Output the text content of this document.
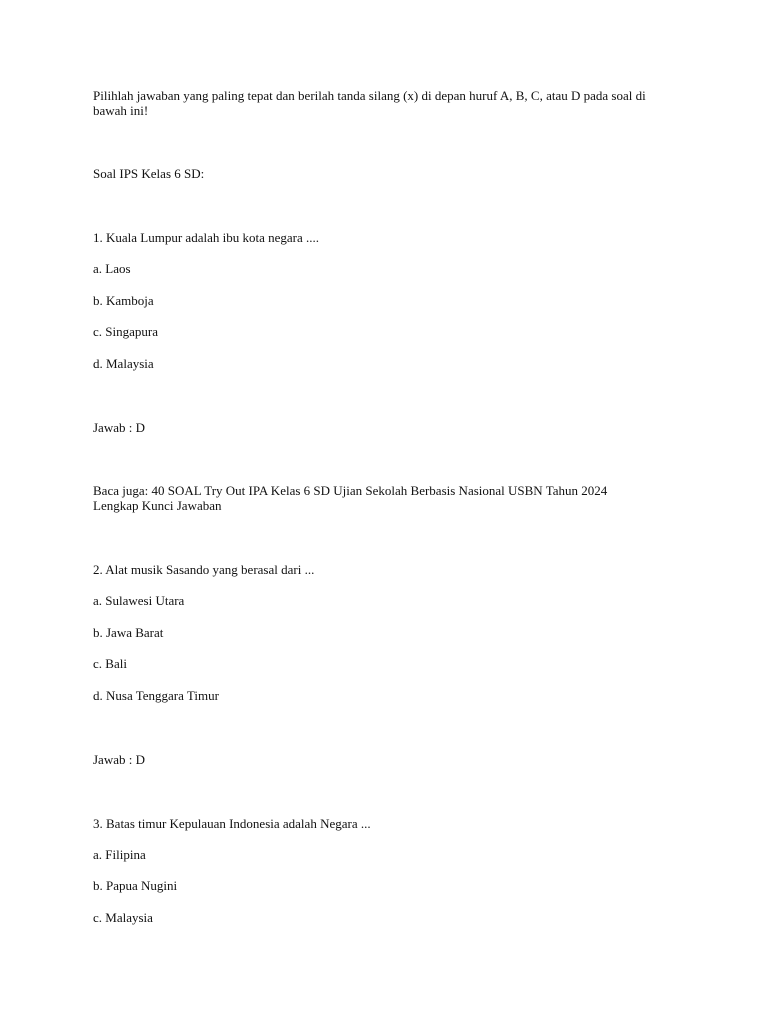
Pilihlah jawaban yang paling tepat dan berilah tanda silang (x) di depan huruf A, B, C, atau D pada soal di
bawah ini!
Soal IPS Kelas 6 SD:
1. Kuala Lumpur adalah ibu kota negara ....
a. Laos
b. Kamboja
c. Singapura
d. Malaysia
Jawab : D
Baca juga: 40 SOAL Try Out IPA Kelas 6 SD Ujian Sekolah Berbasis Nasional USBN Tahun 2024
Lengkap Kunci Jawaban
2. Alat musik Sasando yang berasal dari ...
a. Sulawesi Utara
b. Jawa Barat
c. Bali
d. Nusa Tenggara Timur
Jawab : D
3. Batas timur Kepulauan Indonesia adalah Negara ...
a. Filipina
b. Papua Nugini
c. Malaysia
